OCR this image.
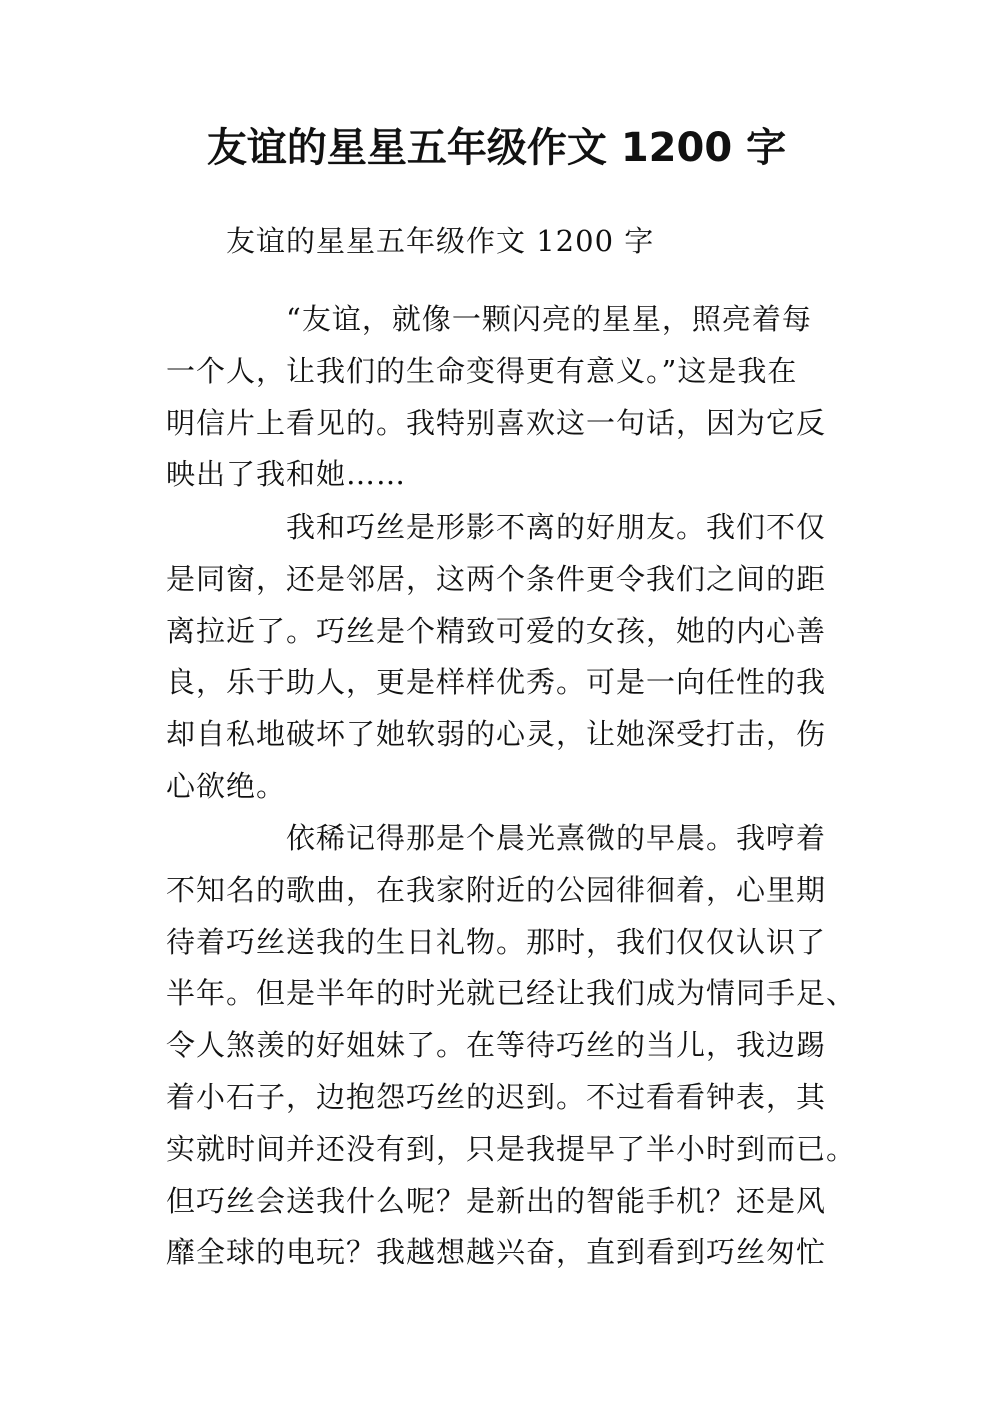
友谊的星星五年级作文 1200 字

友谊的星星五年级作文 1200 字

“友谊，就像一颗闪亮的星星，照亮着每
一个人，让我们的生命变得更有意义。”这是我在
明信片上看见的。我特别喜欢这一句话，因为它反
映出了我和她……
我和巧丝是形影不离的好朋友。我们不仅
是同窗，还是邻居，这两个条件更令我们之间的距
离拉近了。巧丝是个精致可爱的女孩，她的内心善
良，乐于助人，更是样样优秀。可是一向任性的我
却自私地破坏了她软弱的心灵，让她深受打击，伤
心欲绝。
依稀记得那是个晨光熹微的早晨。我哼着
不知名的歌曲，在我家附近的公园徘徊着，心里期
待着巧丝送我的生日礼物。那时，我们仅仅认识了
半年。但是半年的时光就已经让我们成为情同手足、
令人煞羡的好姐妹了。在等待巧丝的当儿，我边踢
着小石子，边抱怨巧丝的迟到。不过看看钟表，其
实就时间并还没有到，只是我提早了半小时到而已。
但巧丝会送我什么呢？是新出的智能手机？还是风
靡全球的电玩？我越想越兴奋，直到看到巧丝匆忙
